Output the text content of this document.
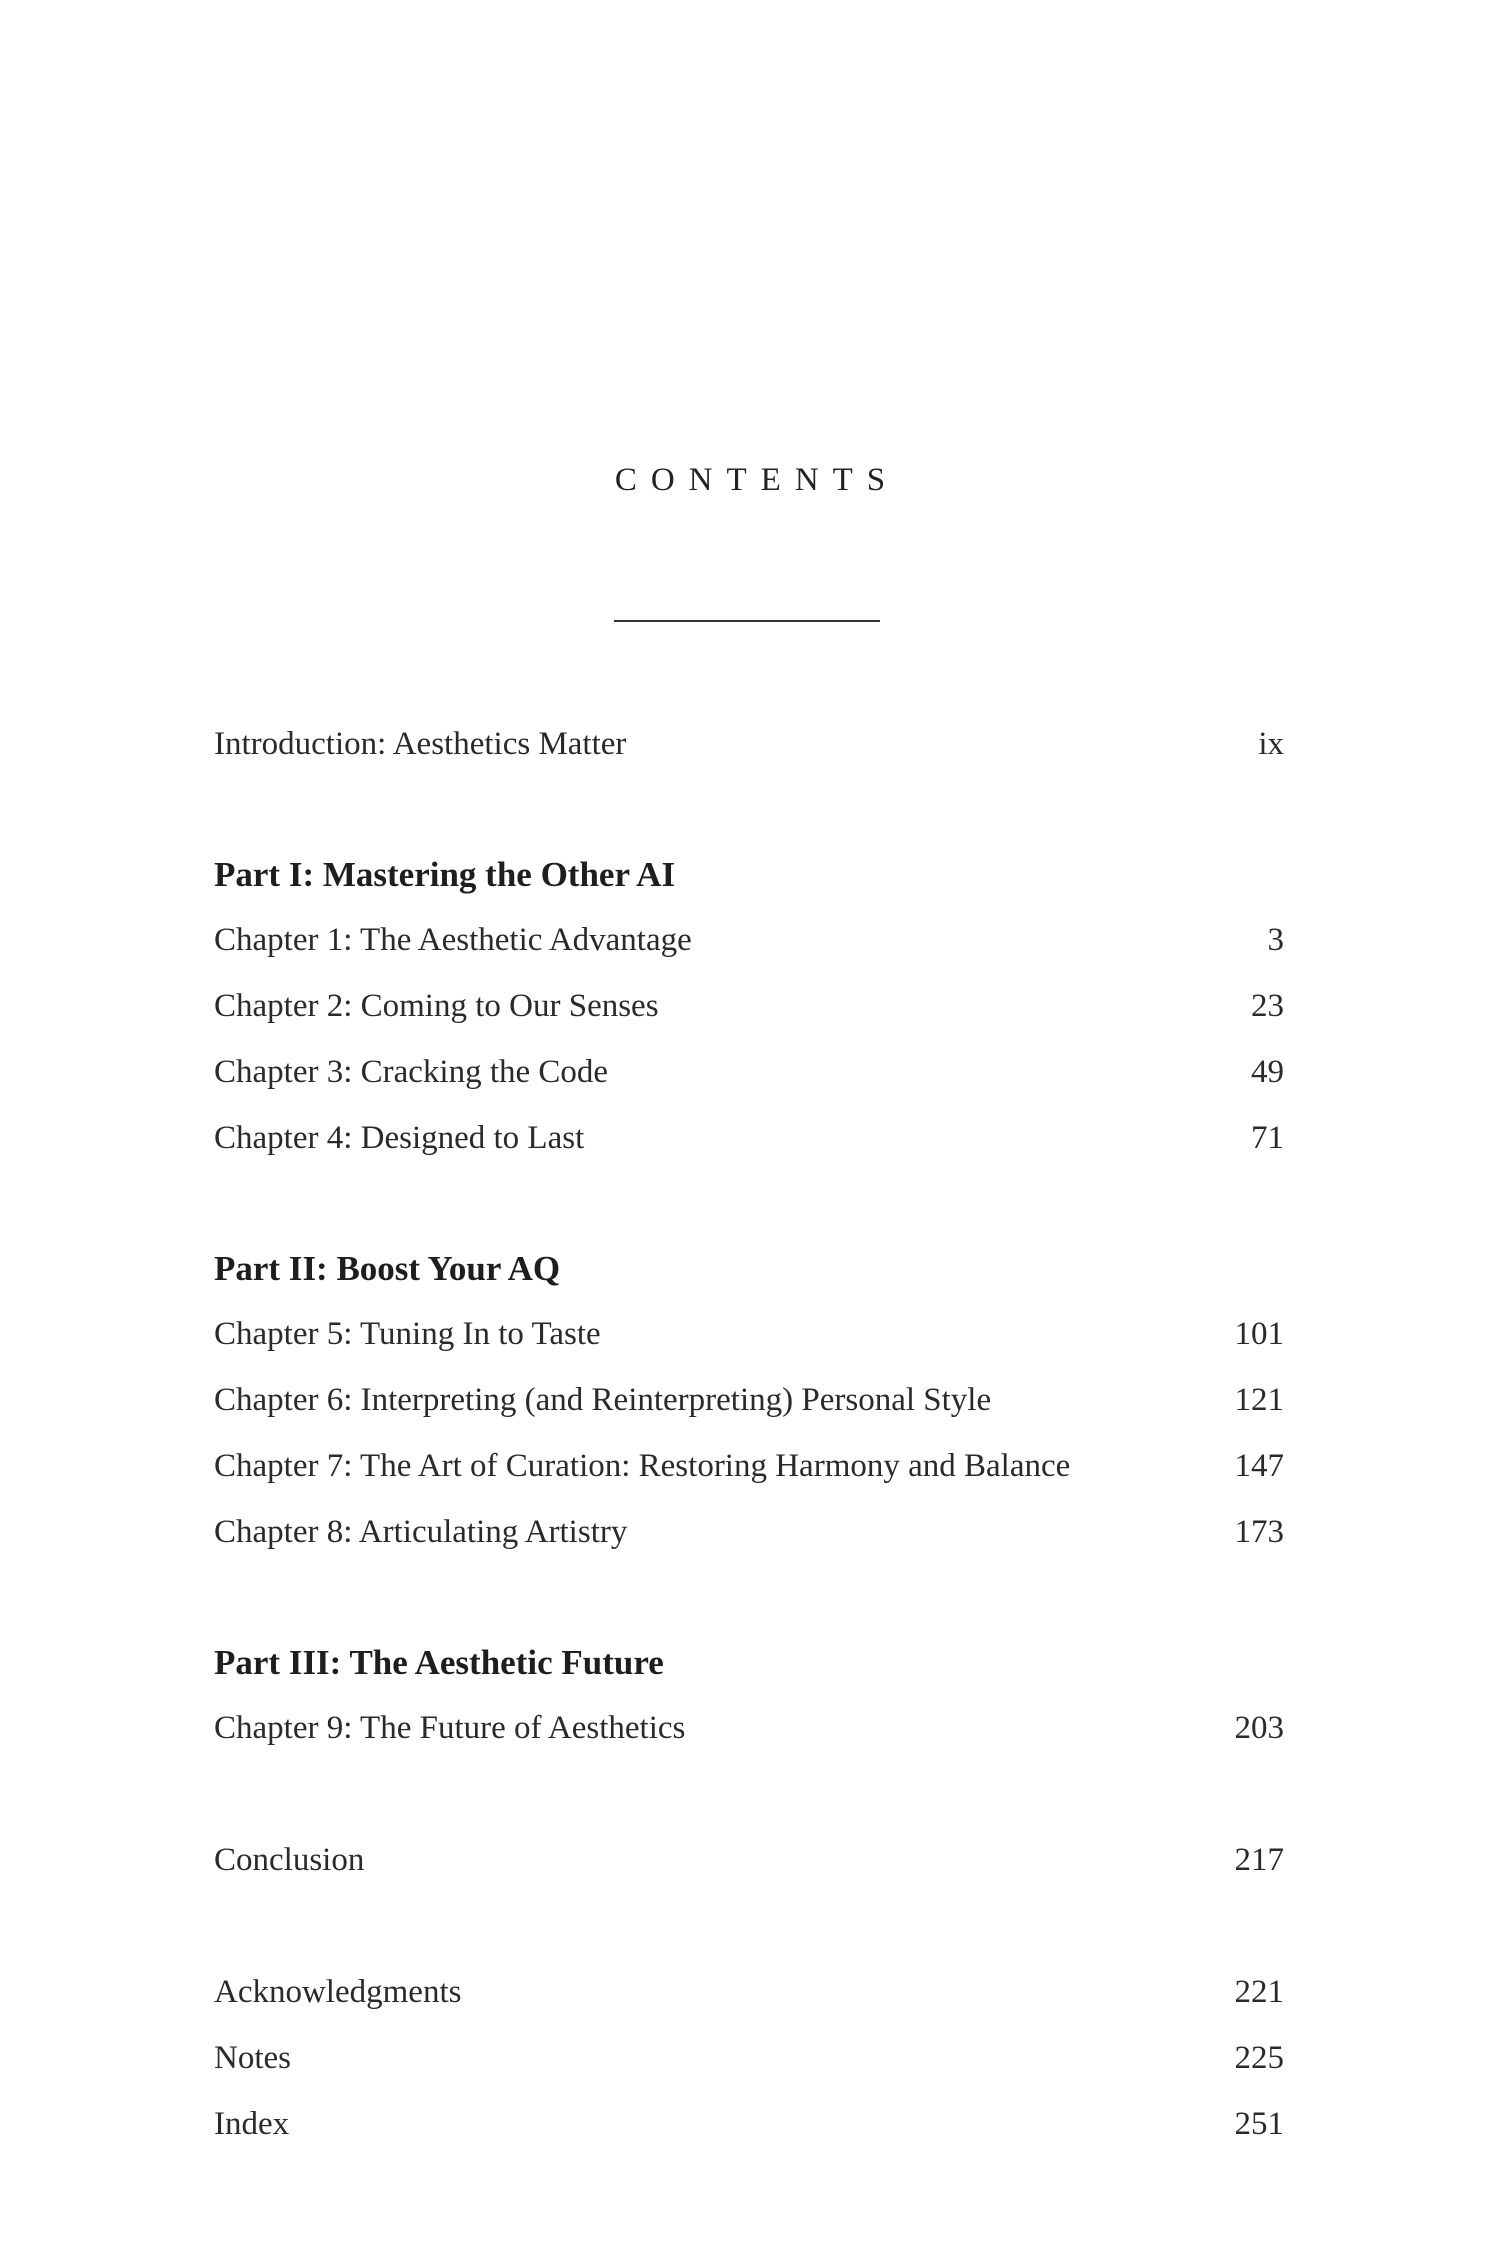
CONTENTS
Introduction: Aesthetics Matter	ix
Part I: Mastering the Other AI
Chapter 1: The Aesthetic Advantage	3
Chapter 2: Coming to Our Senses	23
Chapter 3: Cracking the Code	49
Chapter 4: Designed to Last	71
Part II: Boost Your AQ
Chapter 5: Tuning In to Taste	101
Chapter 6: Interpreting (and Reinterpreting) Personal Style	121
Chapter 7: The Art of Curation: Restoring Harmony and Balance	147
Chapter 8: Articulating Artistry	173
Part III: The Aesthetic Future
Chapter 9: The Future of Aesthetics	203
Conclusion	217
Acknowledgments	221
Notes	225
Index	251
